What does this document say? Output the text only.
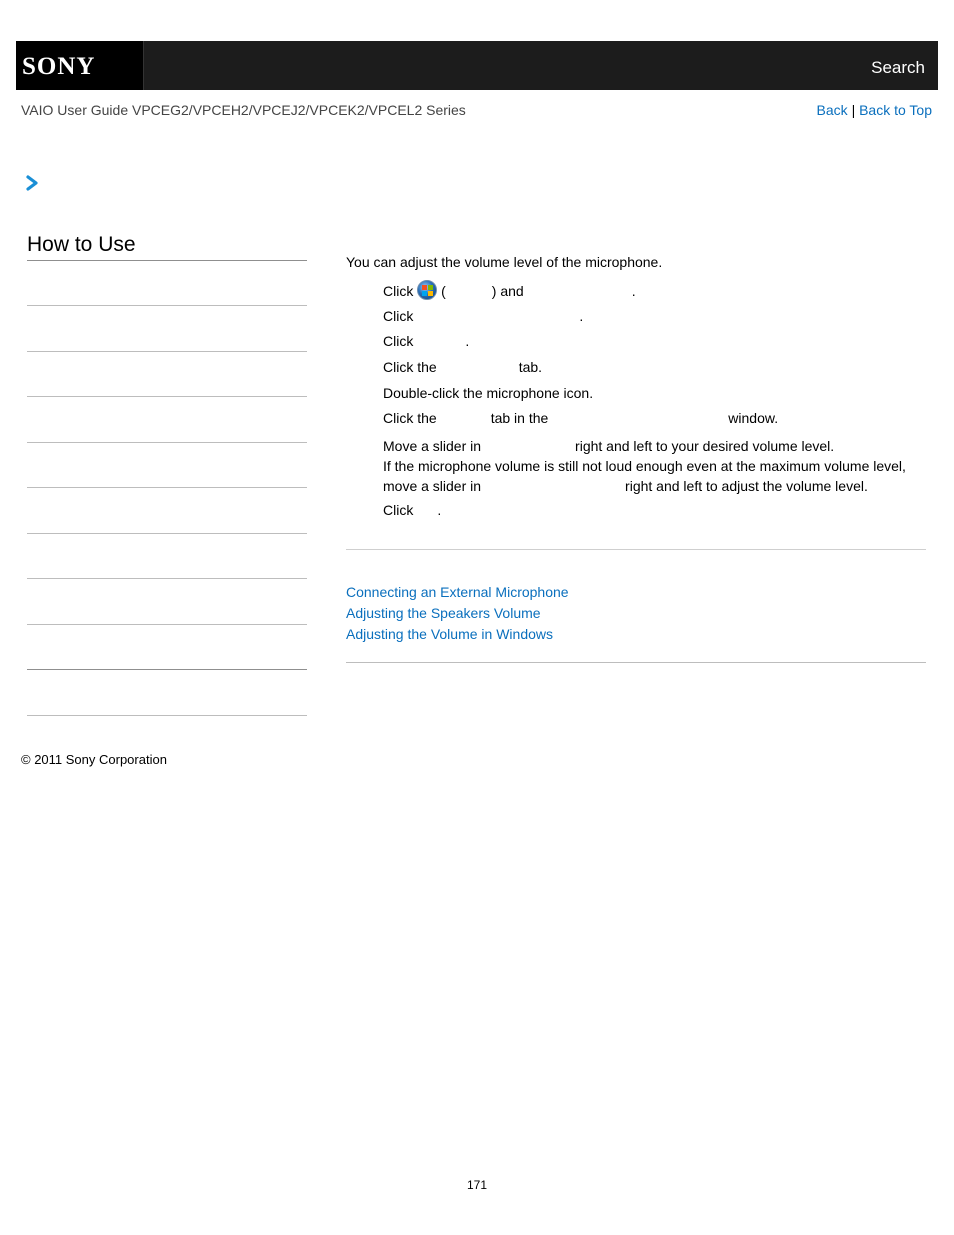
SONY	Search
VAIO User Guide VPCEG2/VPCEH2/VPCEJ2/VPCEK2/VPCEL2 Series	Back | Back to Top
How to Use
You can adjust the volume level of the microphone.
Click (	) and	.
Click	.
Click	.
Click the	tab.
Double-click the microphone icon.
Click the	tab in the	window.
Move a slider in	right and left to your desired volume level.
If the microphone volume is still not loud enough even at the maximum volume level,
move a slider in	right and left to adjust the volume level.
Click .
Connecting an External Microphone
Adjusting the Speakers Volume
Adjusting the Volume in Windows
© 2011 Sony Corporation
171
